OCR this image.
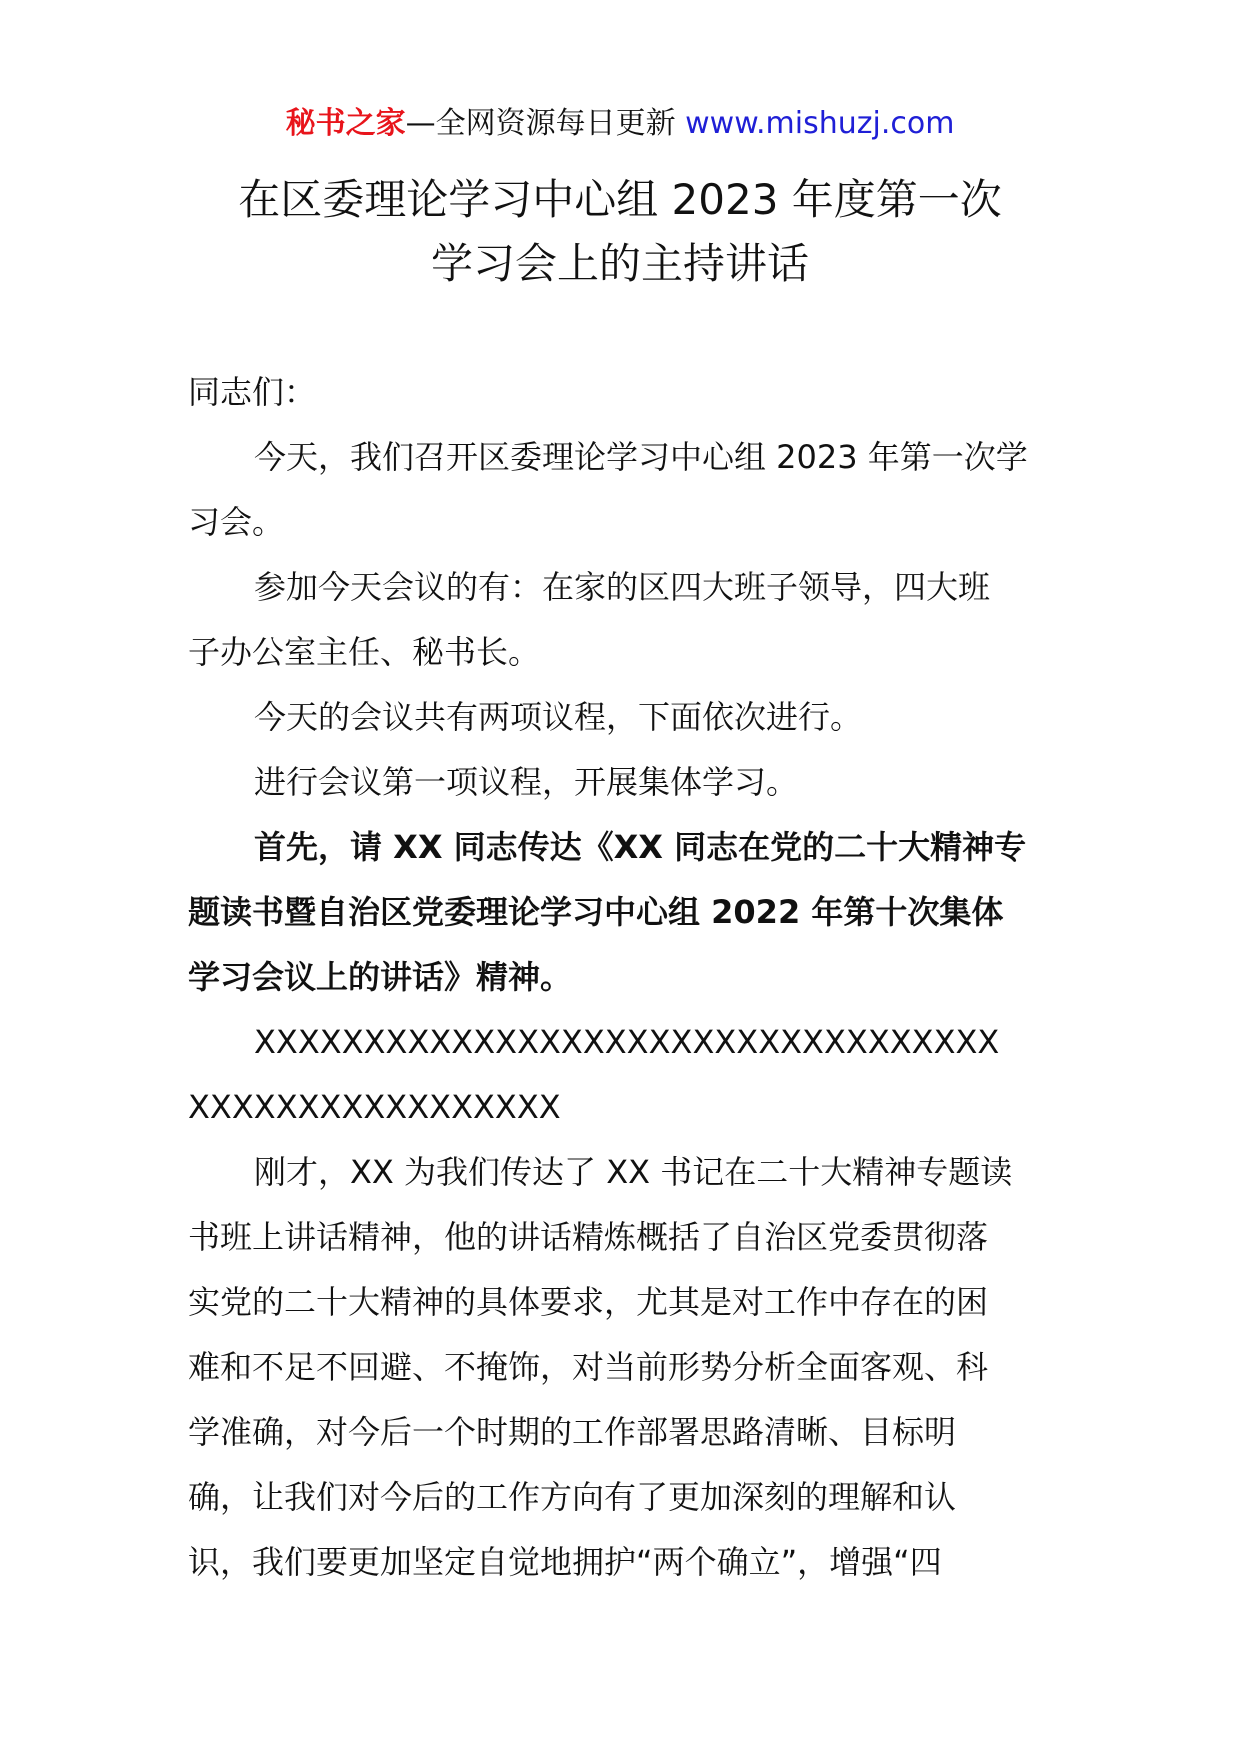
秘书之家—全网资源每日更新 www.mishuzj.com
在区委理论学习中心组 2023 年度第一次
学习会上的主持讲话

同志们：

今天，我们召开区委理论学习中心组 2023 年第一次学
习会。

参加今天会议的有：在家的区四大班子领导，四大班
子办公室主任、秘书长。

今天的会议共有两项议程，下面依次进行。

进行会议第一项议程，开展集体学习。

首先，请 XX 同志传达《XX 同志在党的二十大精神专
题读书暨自治区党委理论学习中心组 2022 年第十次集体
学习会议上的讲话》精神。

XXXXXXXXXXXXXXXXXXXXXXXXXXXXXXXXXX
XXXXXXXXXXXXXXXXX

刚才，XX 为我们传达了 XX 书记在二十大精神专题读
书班上讲话精神，他的讲话精炼概括了自治区党委贯彻落
实党的二十大精神的具体要求，尤其是对工作中存在的困
难和不足不回避、不掩饰，对当前形势分析全面客观、科
学准确，对今后一个时期的工作部署思路清晰、目标明
确，让我们对今后的工作方向有了更加深刻的理解和认
识，我们要更加坚定自觉地拥护“两个确立”，增强“四
